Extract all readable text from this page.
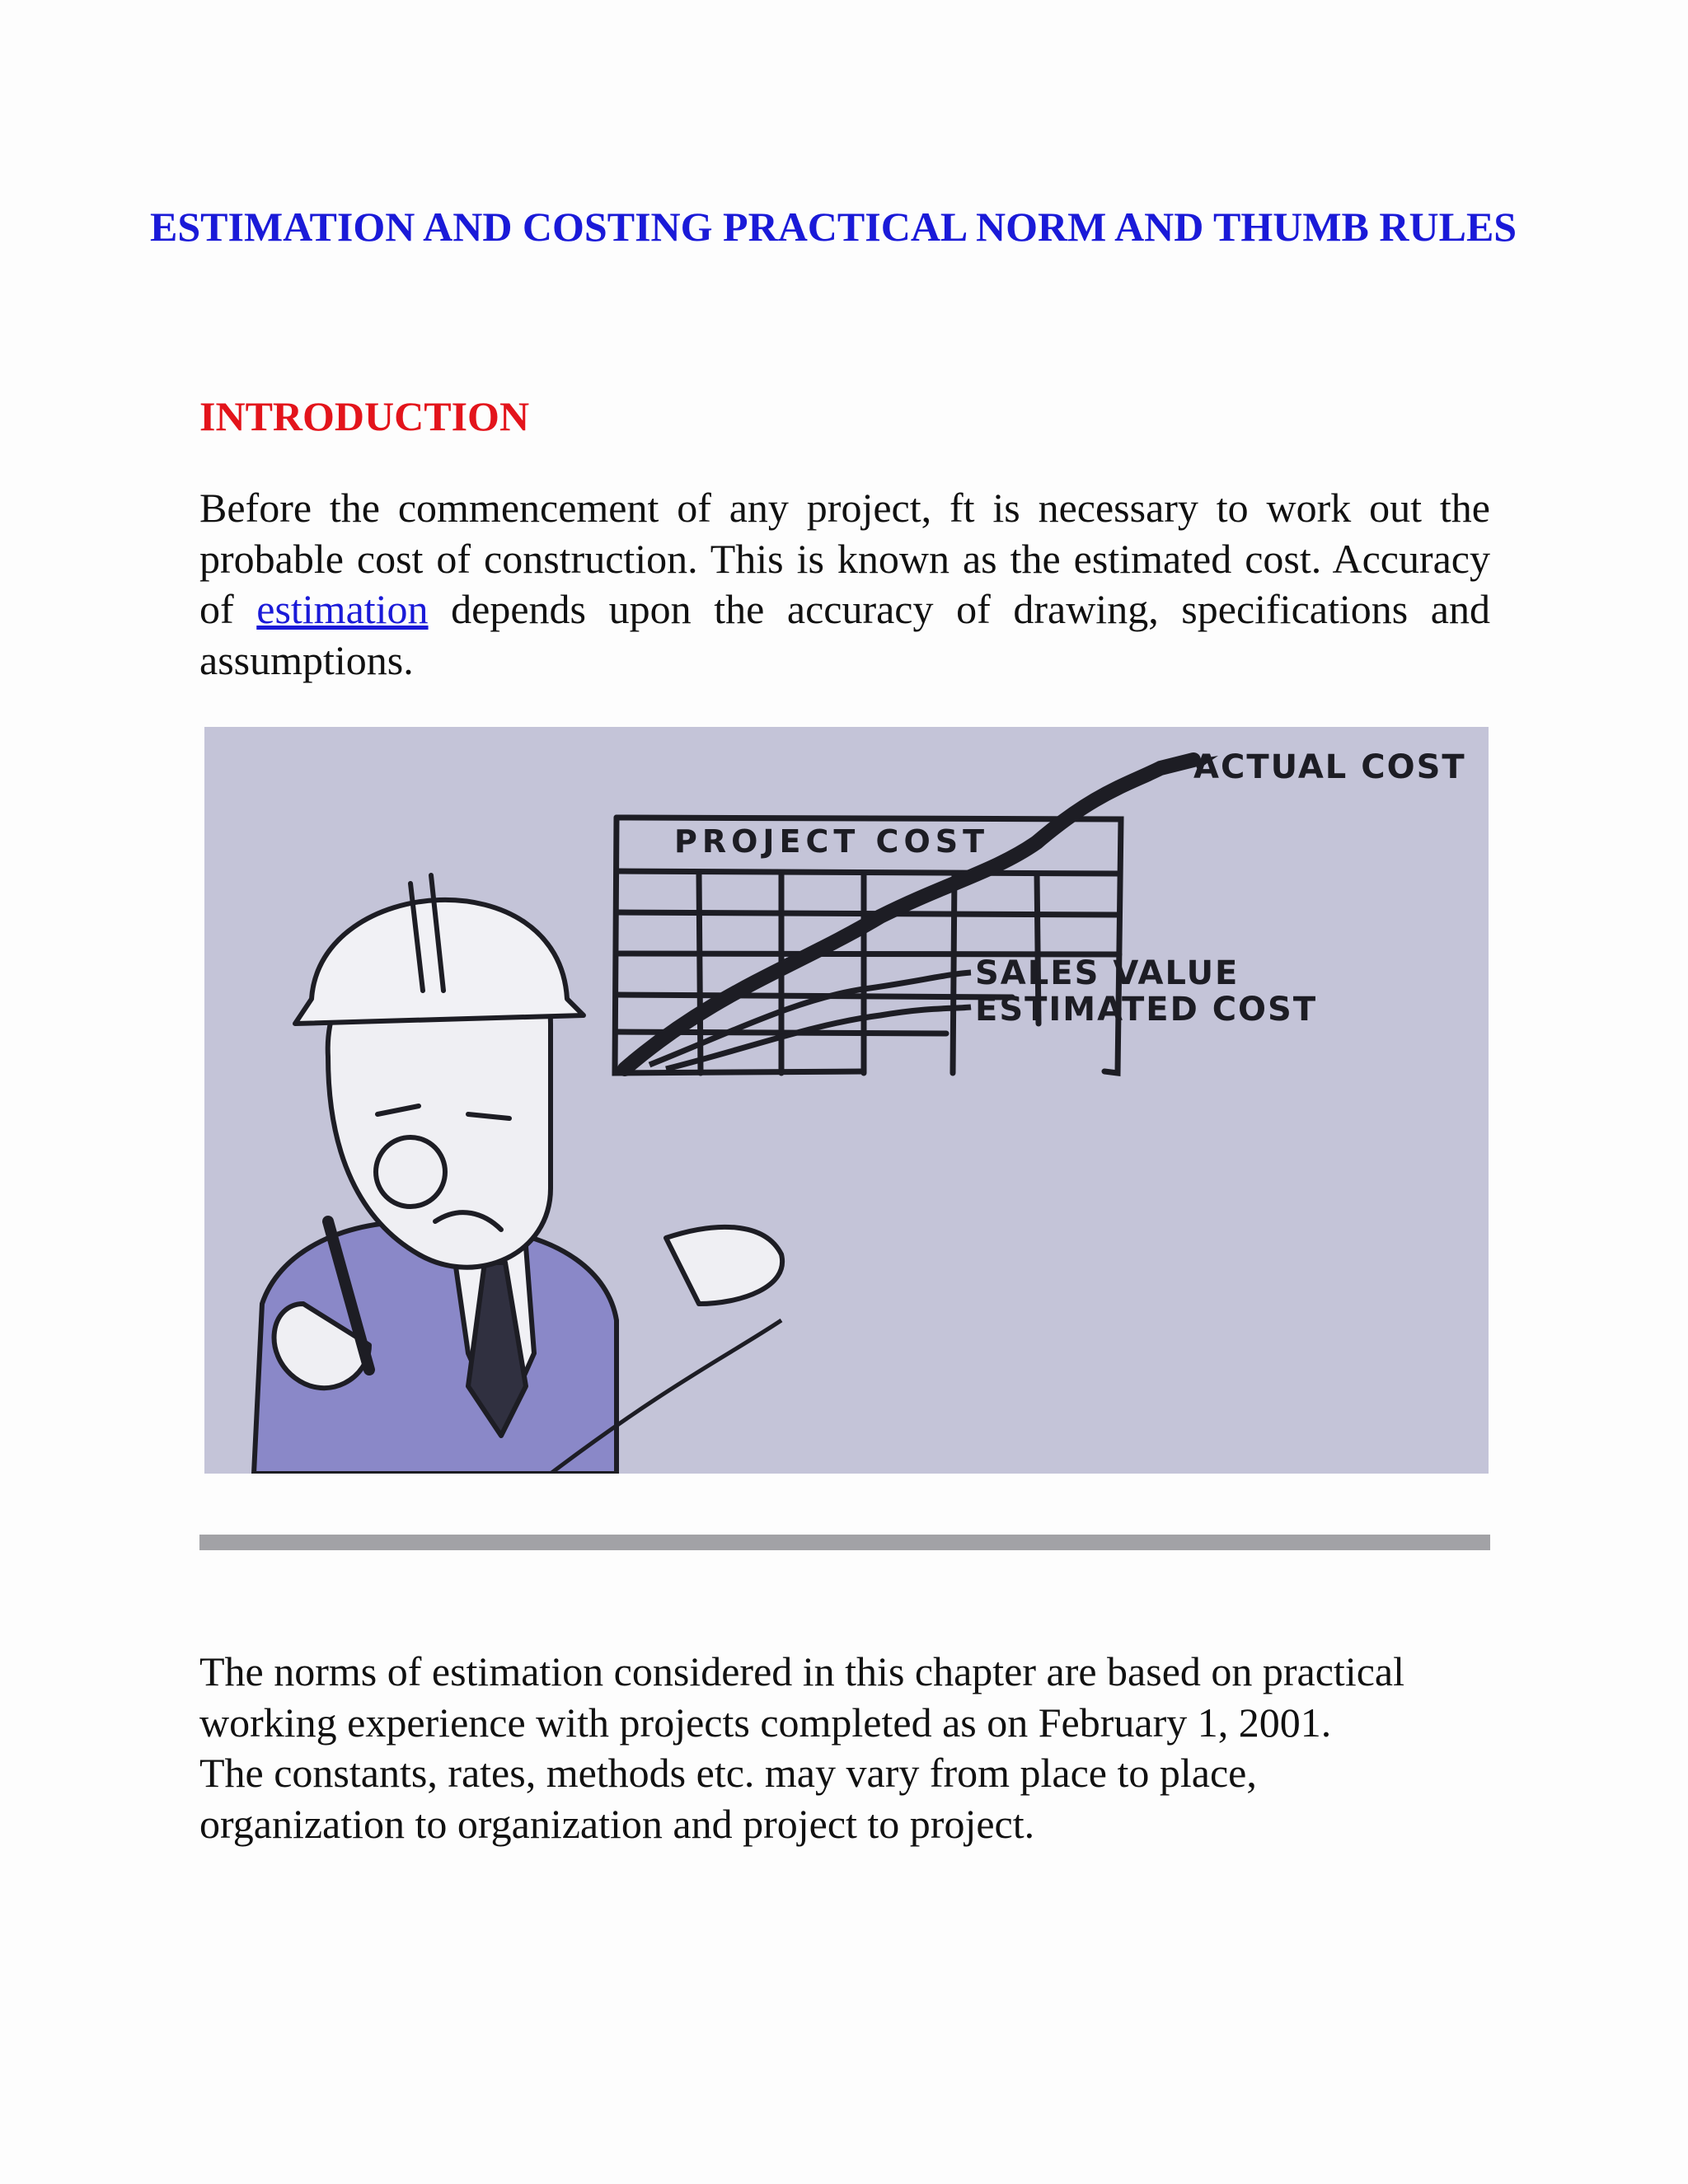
ESTIMATION AND COSTING PRACTICAL NORM AND THUMB RULES
INTRODUCTION

Before the commencement of any project, ft is necessary to work out the probable cost of construction. This is known as the estimated cost. Accuracy of estimation depends upon the accuracy of drawing, specifications and assumptions.

PROJECT COST
ACTUAL COST
SALES VALUE
ESTIMATED COST

The norms of estimation considered in this chapter are based on practical
working experience with projects completed as on February 1, 2001.
The constants, rates, methods etc. may vary from place to place,
organization to organization and project to project.
